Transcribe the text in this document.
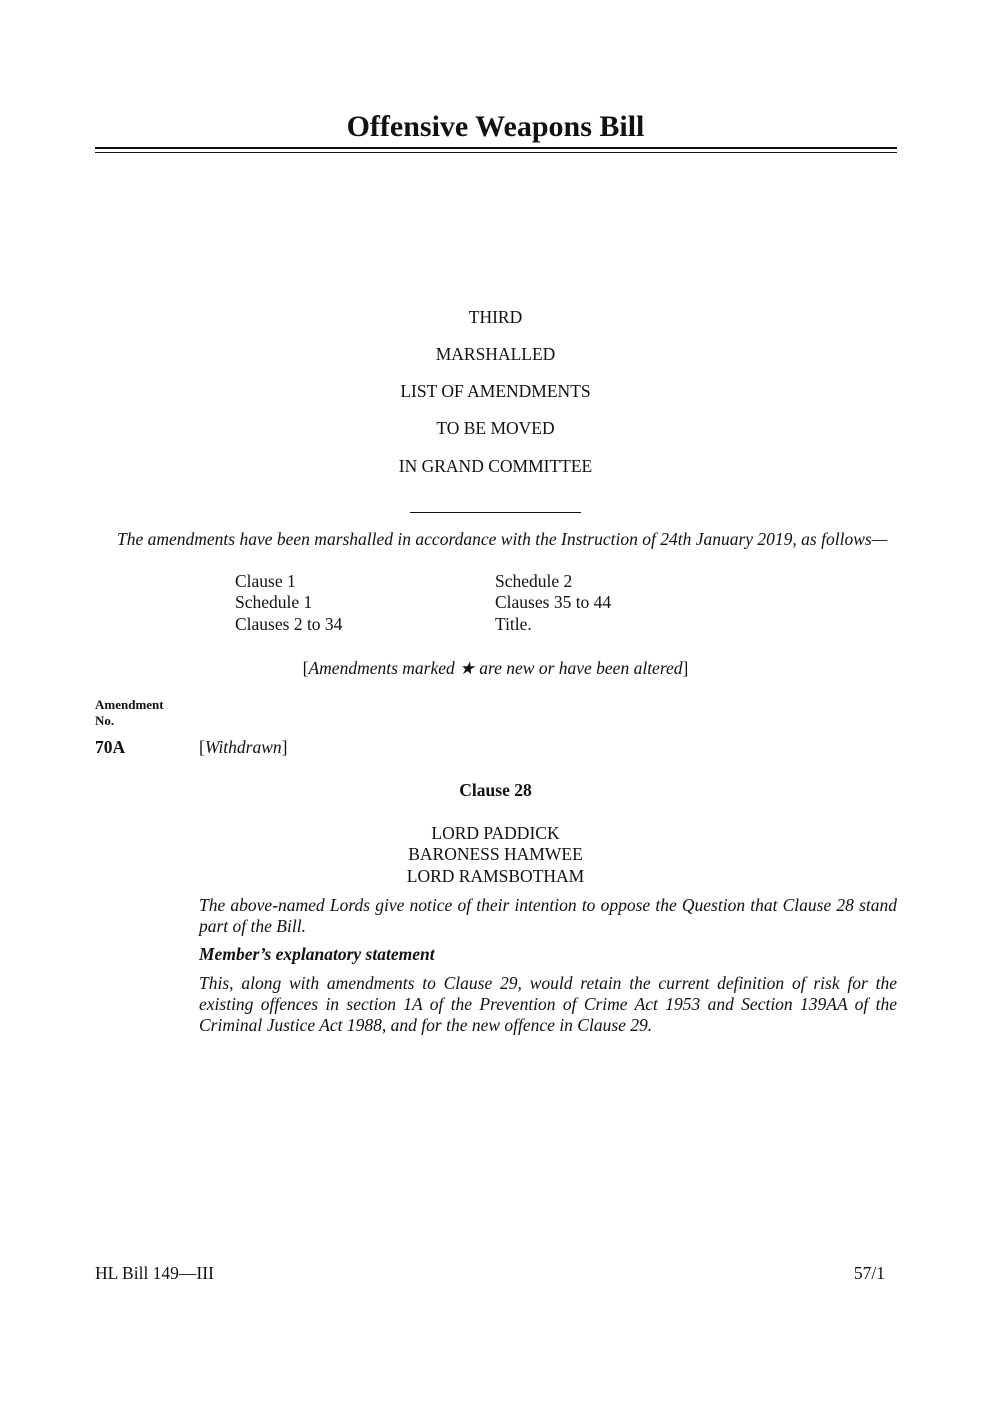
Offensive Weapons Bill
THIRD
MARSHALLED
LIST OF AMENDMENTS
TO BE MOVED
IN GRAND COMMITTEE
The amendments have been marshalled in accordance with the Instruction of 24th January 2019, as follows—
Clause 1
Schedule 1
Clauses 2 to 34
Schedule 2
Clauses 35 to 44
Title.
[Amendments marked ★ are new or have been altered]
Amendment
No.
70A	[Withdrawn]
Clause 28
LORD PADDICK
BARONESS HAMWEE
LORD RAMSBOTHAM
The above-named Lords give notice of their intention to oppose the Question that Clause 28 stand part of the Bill.
Member’s explanatory statement
This, along with amendments to Clause 29, would retain the current definition of risk for the existing offences in section 1A of the Prevention of Crime Act 1953 and Section 139AA of the Criminal Justice Act 1988, and for the new offence in Clause 29.
HL Bill 149—III	57/1
